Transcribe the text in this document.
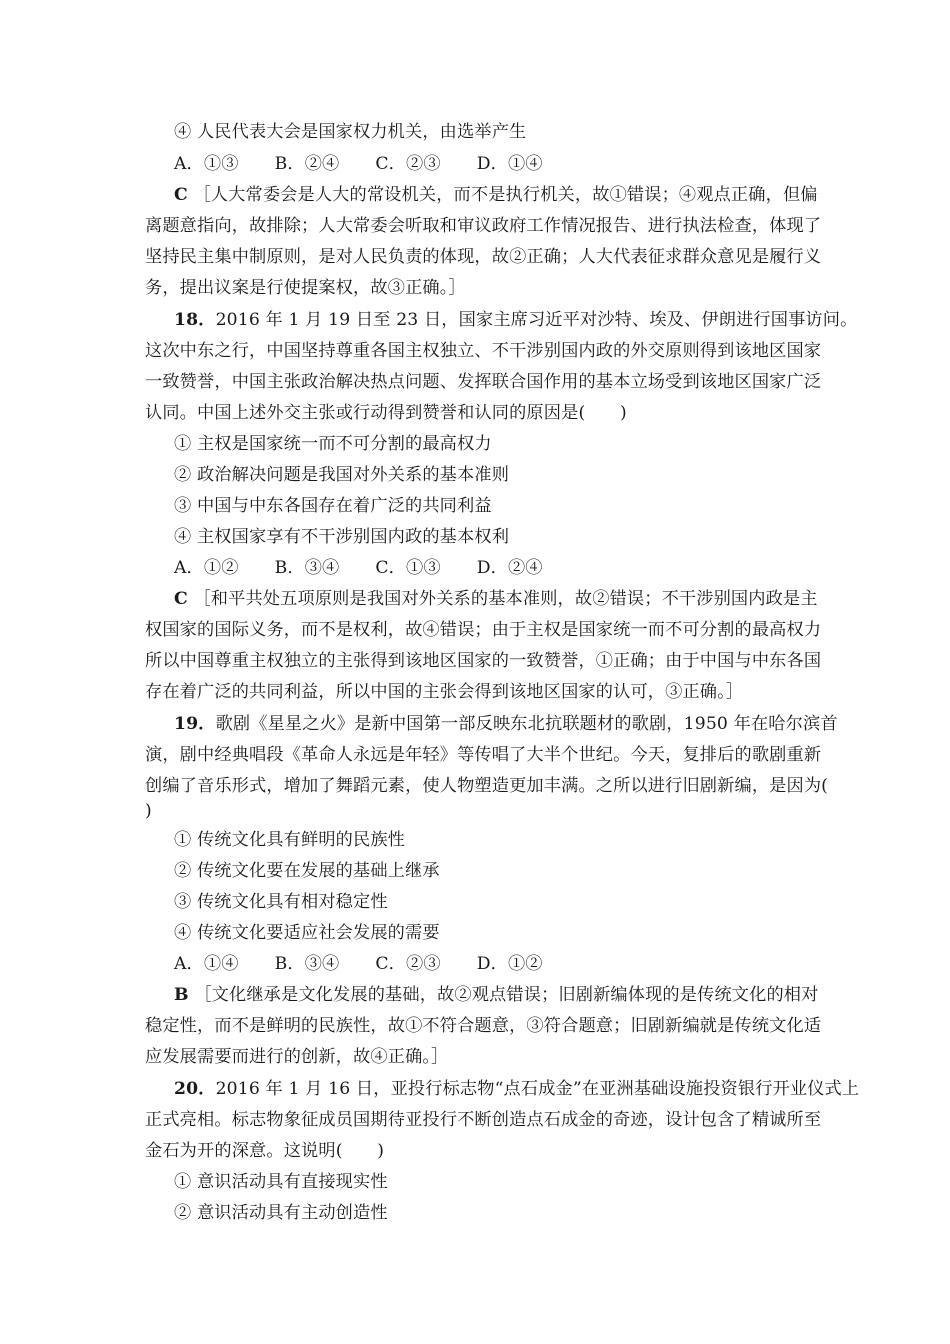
④ 人民代表大会是国家权力机关，由选举产生
A．①③ B．②④ C．②③ D．①④
C ［人大常委会是人大的常设机关，而不是执行机关，故①错误；④观点正确，但偏
离题意指向，故排除；人大常委会听取和审议政府工作情况报告、进行执法检查，体现了
坚持民主集中制原则，是对人民负责的体现，故②正确；人大代表征求群众意见是履行义
务，提出议案是行使提案权，故③正确。］
18．2016 年 1 月 19 日至 23 日，国家主席习近平对沙特、埃及、伊朗进行国事访问。
这次中东之行，中国坚持尊重各国主权独立、不干涉别国内政的外交原则得到该地区国家
一致赞誉，中国主张政治解决热点问题、发挥联合国作用的基本立场受到该地区国家广泛
认同。中国上述外交主张或行动得到赞誉和认同的原因是(　　)
① 主权是国家统一而不可分割的最高权力
② 政治解决问题是我国对外关系的基本准则
③ 中国与中东各国存在着广泛的共同利益
④ 主权国家享有不干涉别国内政的基本权利
A．①② B．③④ C．①③ D．②④
C ［和平共处五项原则是我国对外关系的基本准则，故②错误；不干涉别国内政是主
权国家的国际义务，而不是权利，故④错误；由于主权是国家统一而不可分割的最高权力
所以中国尊重主权独立的主张得到该地区国家的一致赞誉，①正确；由于中国与中东各国
存在着广泛的共同利益，所以中国的主张会得到该地区国家的认可，③正确。］
19．歌剧《星星之火》是新中国第一部反映东北抗联题材的歌剧，1950 年在哈尔滨首
演，剧中经典唱段《革命人永远是年轻》等传唱了大半个世纪。今天，复排后的歌剧重新
创编了音乐形式，增加了舞蹈元素，使人物塑造更加丰满。之所以进行旧剧新编，是因为(
)
① 传统文化具有鲜明的民族性
② 传统文化要在发展的基础上继承
③ 传统文化具有相对稳定性
④ 传统文化要适应社会发展的需要
A．①④ B．③④ C．②③ D．①②
B ［文化继承是文化发展的基础，故②观点错误；旧剧新编体现的是传统文化的相对
稳定性，而不是鲜明的民族性，故①不符合题意，③符合题意；旧剧新编就是传统文化适
应发展需要而进行的创新，故④正确。］
20．2016 年 1 月 16 日，亚投行标志物“点石成金”在亚洲基础设施投资银行开业仪式上
正式亮相。标志物象征成员国期待亚投行不断创造点石成金的奇迹，设计包含了精诚所至
金石为开的深意。这说明(　　)
① 意识活动具有直接现实性
② 意识活动具有主动创造性
